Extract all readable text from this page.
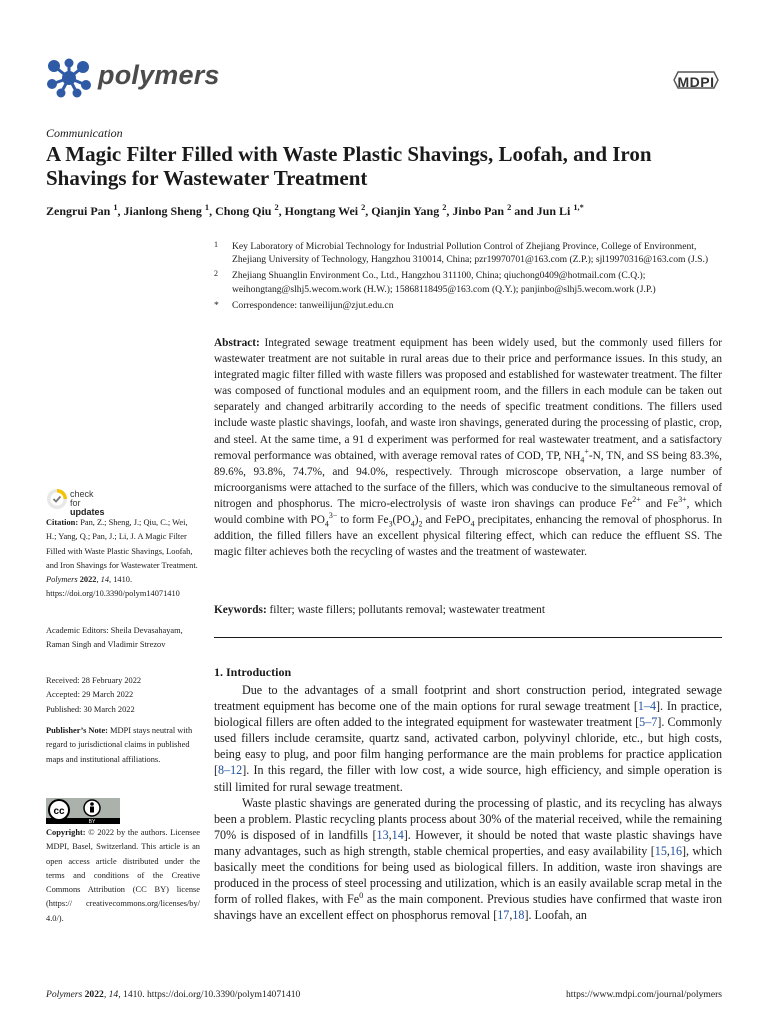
polymers	MDPI
Communication
A Magic Filter Filled with Waste Plastic Shavings, Loofah, and Iron Shavings for Wastewater Treatment
Zengrui Pan $^1$, Jianlong Sheng $^1$, Chong Qiu $^2$, Hongtang Wei $^2$, Qianjin Yang $^2$, Jinbo Pan $^2$ and Jun Li $^{1,*}$
1 Key Laboratory of Microbial Technology for Industrial Pollution Control of Zhejiang Province, College of Environment, Zhejiang University of Technology, Hangzhou 310014, China; pzr19970701@163.com (Z.P.); sjl19970316@163.com (J.S.)
2 Zhejiang Shuanglin Environment Co., Ltd., Hangzhou 311100, China; qiuchong0409@hotmail.com (C.Q.); weihongtang@slhj5.wecom.work (H.W.); 15868118495@163.com (Q.Y.); panjinbo@slhj5.wecom.work (J.P.)
* Correspondence: tanweilijun@zjut.edu.cn

Abstract: Integrated sewage treatment equipment has been widely used, but the commonly used fillers for wastewater treatment are not suitable in rural areas due to their price and performance issues. In this study, an integrated magic filter filled with waste fillers was proposed and established for wastewater treatment. The filter was composed of functional modules and an equipment room, and the fillers in each module can be taken out separately and changed arbitrarily according to the needs of specific treatment conditions. The fillers used include waste plastic shavings, loofah, and waste iron shavings, generated during the processing of plastic, crop, and steel. At the same time, a 91 d experiment was performed for real wastewater treatment, and a satisfactory removal performance was obtained, with average removal rates of COD, TP, $NH_4^+-N$, TN, and SS being 83.3%, 89.6%, 93.8%, 74.7%, and 94.0%, respectively. Through microscope observation, a large number of microorganisms were attached to the surface of the fillers, which was conducive to the simultaneous removal of nitrogen and phosphorus. The micro-electrolysis of waste iron shavings can produce $Fe^{2+}$ and $Fe^{3+}$, which would combine with $PO_4^{3-}$ to form $Fe_3(PO_4)_2$ and FePO$_4$ precipitates, enhancing the removal of phosphorus. In addition, the filled fillers have an excellent physical filtering effect, which can reduce the effluent SS. The magic filter achieves both the recycling of wastes and the treatment of wastewater.

Keywords: filter; waste fillers; pollutants removal; wastewater treatment
1. Introduction

Due to the advantages of a small footprint and short construction period, integrated sewage treatment equipment has become one of the main options for rural sewage treatment [1–4]. In practice, biological fillers are often added to the integrated equipment for wastewater treatment [5–7]. Commonly used fillers include ceramsite, quartz sand, activated carbon, polyvinyl chloride, etc., but high costs, being easy to plug, and poor film hanging performance are the main problems for practice application [8–12]. In this regard, the filler with low cost, a wide source, high efficiency, and simple operation is still limited for rural sewage treatment.

Waste plastic shavings are generated during the processing of plastic, and its recycling has always been a problem. Plastic recycling plants process about 30% of the material received, while the remaining 70% is disposed of in landfills [13,14]. However, it should be noted that waste plastic shavings have many advantages, such as high strength, stable chemical properties, and easy availability [15,16], which basically meet the conditions for being used as biological fillers. In addition, waste iron shavings are produced in the process of steel processing and utilization, which is an easily available scrap metal in the form of rolled flakes, with Fe$^0$ as the main component. Previous studies have confirmed that waste iron shavings have an excellent effect on phosphorus removal [17,18]. Loofah, an

check for
updates
Citation: Pan, Z.; Sheng, J.; Qiu, C.; Wei, H.; Yang, Q.; Pan, J.; Li, J. A Magic Filter Filled with Waste Plastic Shavings, Loofah, and Iron Shavings for Wastewater Treatment. Polymers 2022, 14, 1410. https://doi.org/10.3390/polym14071410
Academic Editors: Sheila Devasahayam, Raman Singh and Vladimir Strezov
Received: 28 February 2022
Accepted: 29 March 2022
Published: 30 March 2022
Publisher’s Note: MDPI stays neutral with regard to jurisdictional claims in published maps and institutional affiliations.
cc
BY
Copyright: © 2022 by the authors. Licensee MDPI, Basel, Switzerland. This article is an open access article distributed under the terms and conditions of the Creative Commons Attribution (CC BY) license (https:// creativecommons.org/licenses/by/ 4.0/).
Polymers 2022, 14, 1410. https://doi.org/10.3390/polym14071410	https://www.mdpi.com/journal/polymers
